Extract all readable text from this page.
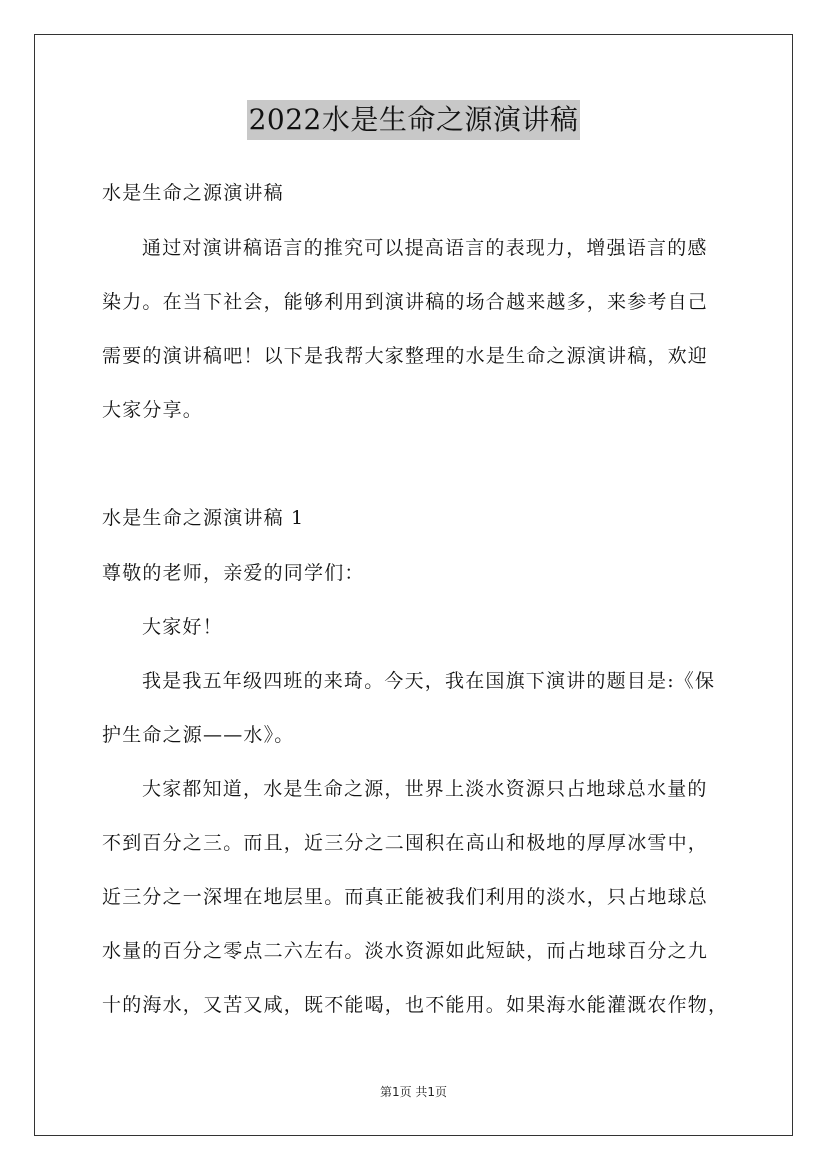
2022水是生命之源演讲稿
水是生命之源演讲稿
通过对演讲稿语言的推究可以提高语言的表现力，增强语言的感
染力。在当下社会，能够利用到演讲稿的场合越来越多，来参考自己
需要的演讲稿吧！以下是我帮大家整理的水是生命之源演讲稿，欢迎
大家分享。
水是生命之源演讲稿 1
尊敬的老师，亲爱的同学们：
大家好！
我是我五年级四班的来琦。今天，我在国旗下演讲的题目是:《保
护生命之源——水》。
大家都知道，水是生命之源，世界上淡水资源只占地球总水量的
不到百分之三。而且，近三分之二囤积在高山和极地的厚厚冰雪中，
近三分之一深埋在地层里。而真正能被我们利用的淡水，只占地球总
水量的百分之零点二六左右。淡水资源如此短缺，而占地球百分之九
十的海水，又苦又咸，既不能喝，也不能用。如果海水能灌溉农作物，
第1页 共1页
